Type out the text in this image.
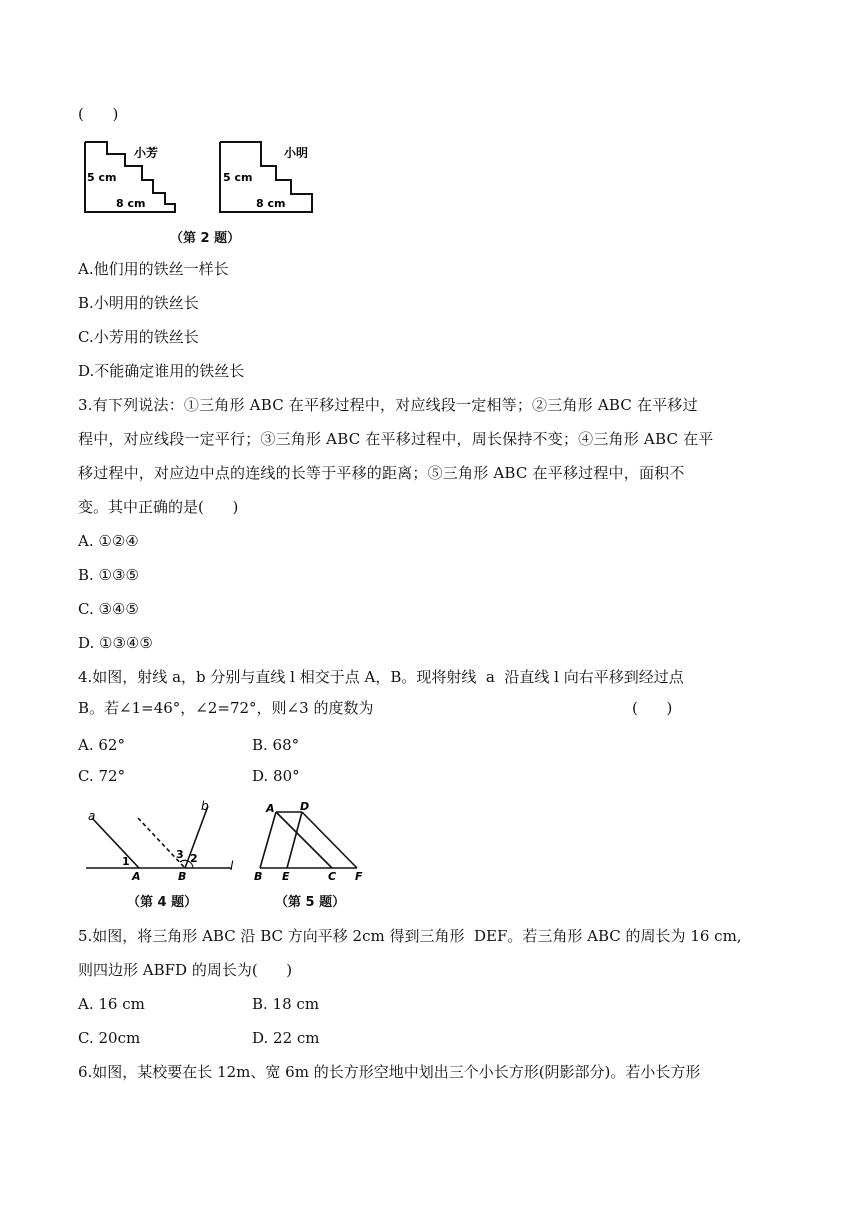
(      )
小芳
5 cm
8 cm
小明
5 cm
8 cm
（第 2 题）
A.他们用的铁丝一样长
B.小明用的铁丝长
C.小芳用的铁丝长
D.不能确定谁用的铁丝长
3.有下列说法：①三角形 ABC 在平移过程中，对应线段一定相等；②三角形 ABC 在平移过
程中，对应线段一定平行；③三角形 ABC 在平移过程中，周长保持不变；④三角形 ABC 在平
移过程中，对应边中点的连线的长等于平移的距离；⑤三角形 ABC 在平移过程中，面积不
变。其中正确的是(      )
A. ①②④
B. ①③⑤
C. ③④⑤
D. ①③④⑤
4.如图，射线 a，b 分别与直线 l 相交于点 A，B。现将射线  a  沿直线 l 向右平移到经过点
B。若∠1=46°，∠2=72°，则∠3 的度数为	(      )
A. 62°	B. 68°
C. 72°	D. 80°
a
b
l
1
3 2
A	B
（第 4 题）
A D
B E	C F
（第 5 题）
5.如图，将三角形 ABC 沿 BC 方向平移 2cm 得到三角形  DEF。若三角形 ABC 的周长为 16 cm,
则四边形 ABFD 的周长为(      )
A. 16 cm	B. 18 cm
C. 20cm	D. 22 cm
6.如图，某校要在长 12m、宽 6m 的长方形空地中划出三个小长方形(阴影部分)。若小长方形
